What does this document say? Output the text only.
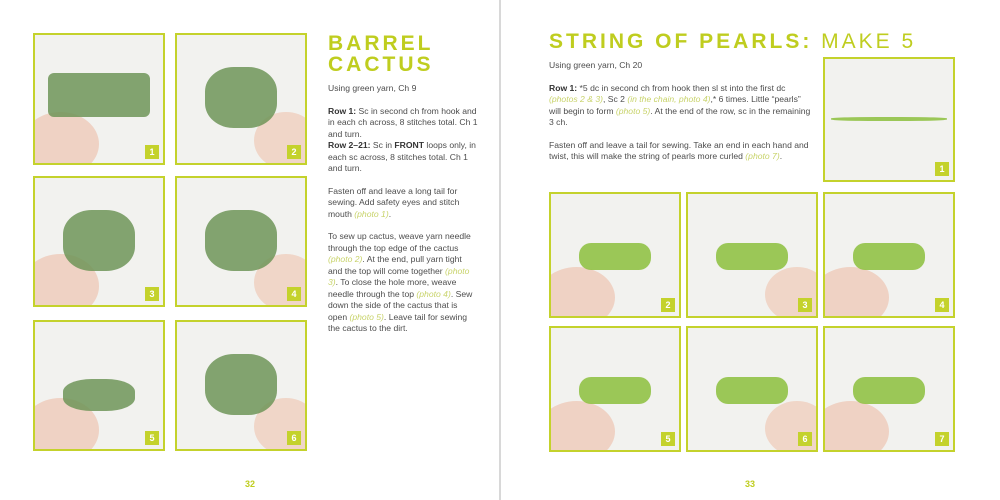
1	2
3	4
5	6
BARREL
CACTUS

Using green yarn, Ch 9

Row 1: Sc in second ch from hook and in each ch across, 8 stitches total. Ch 1 and turn.

Row 2–21: Sc in FRONT loops only, in each sc across, 8 stitches total. Ch 1 and turn.

Fasten off and leave a long tail for sewing. Add safety eyes and stitch mouth (photo 1).

To sew up cactus, weave yarn needle through the top edge of the cactus (photo 2). At the end, pull yarn tight and the top will come together (photo 3). To close the hole more, weave needle through the top (photo 4). Sew down the side of the cactus that is open (photo 5). Leave tail for sewing the cactus to the dirt.

32
STRING OF PEARLS: MAKE 5

Using green yarn, Ch 20

Row 1: *5 dc in second ch from hook then sl st into the first dc (photos 2 & 3), Sc 2 (in the chain, photo 4),* 6 times. Little “pearls” will begin to form (photo 5). At the end of the row, sc in the remaining 3 ch.

Fasten off and leave a tail for sewing. Take an end in each hand and twist, this will make the string of pearls more curled (photo 7).

1
2	3	4
5	6	7
33
